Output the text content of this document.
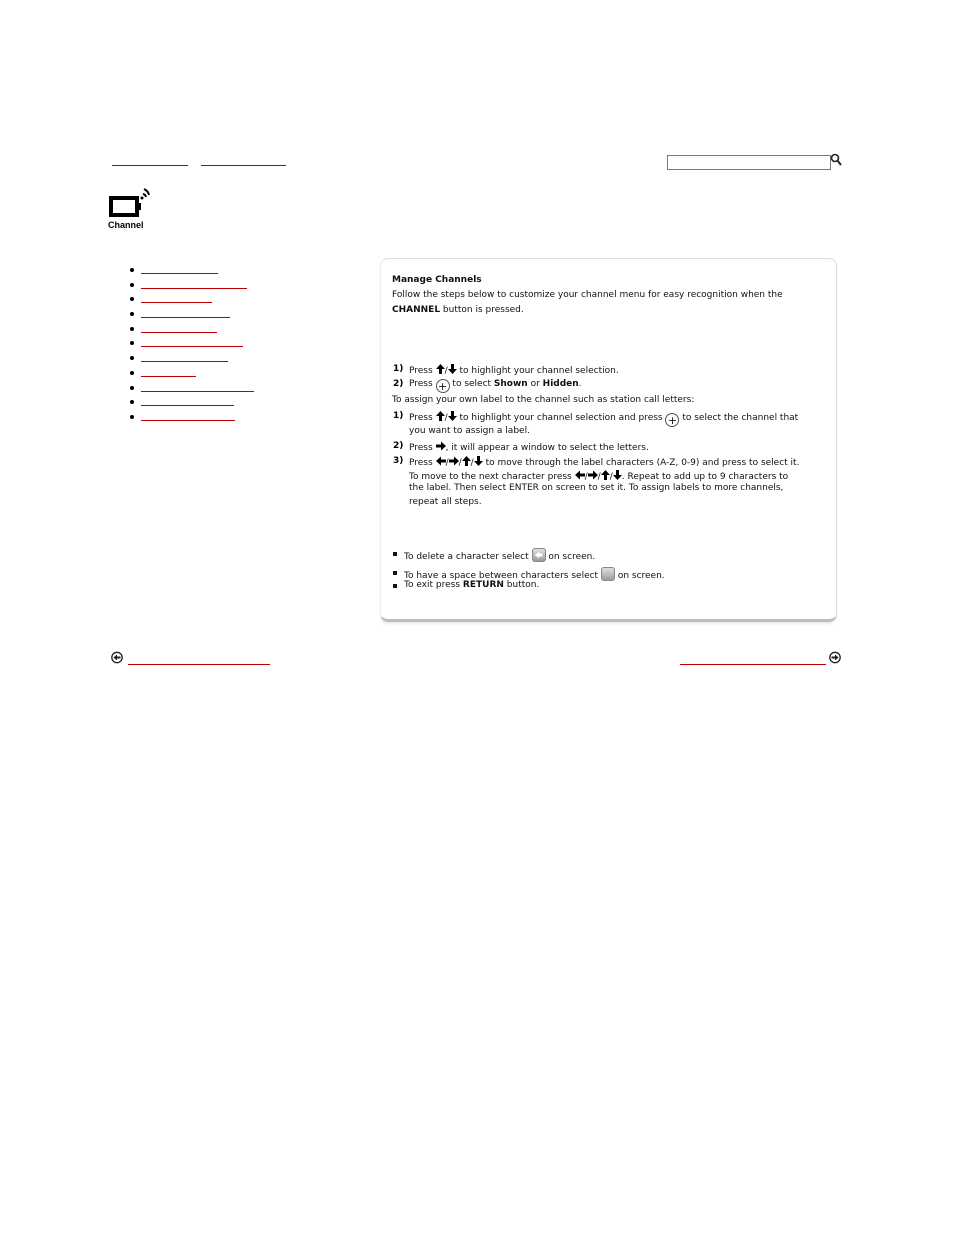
Channel
Manage Channels
Follow the steps below to customize your channel menu for easy recognition when the
CHANNEL button is pressed.
1) Press / to highlight your channel selection.
2) Press + to select Shown or Hidden.
To assign your own label to the channel such as station call letters:
1) Press / to highlight your channel selection and press + to select the channel that
you want to assign a label.
2) Press , it will appear a window to select the letters.
3) Press / / / to move through the label characters (A-Z, 0-9) and press to select it.
To move to the next character press / / / . Repeat to add up to 9 characters to
the label. Then select ENTER on screen to set it. To assign labels to more channels,
repeat all steps.
To delete a character select
on screen.
To have a space between characters select  on screen.
To exit press RETURN button.
